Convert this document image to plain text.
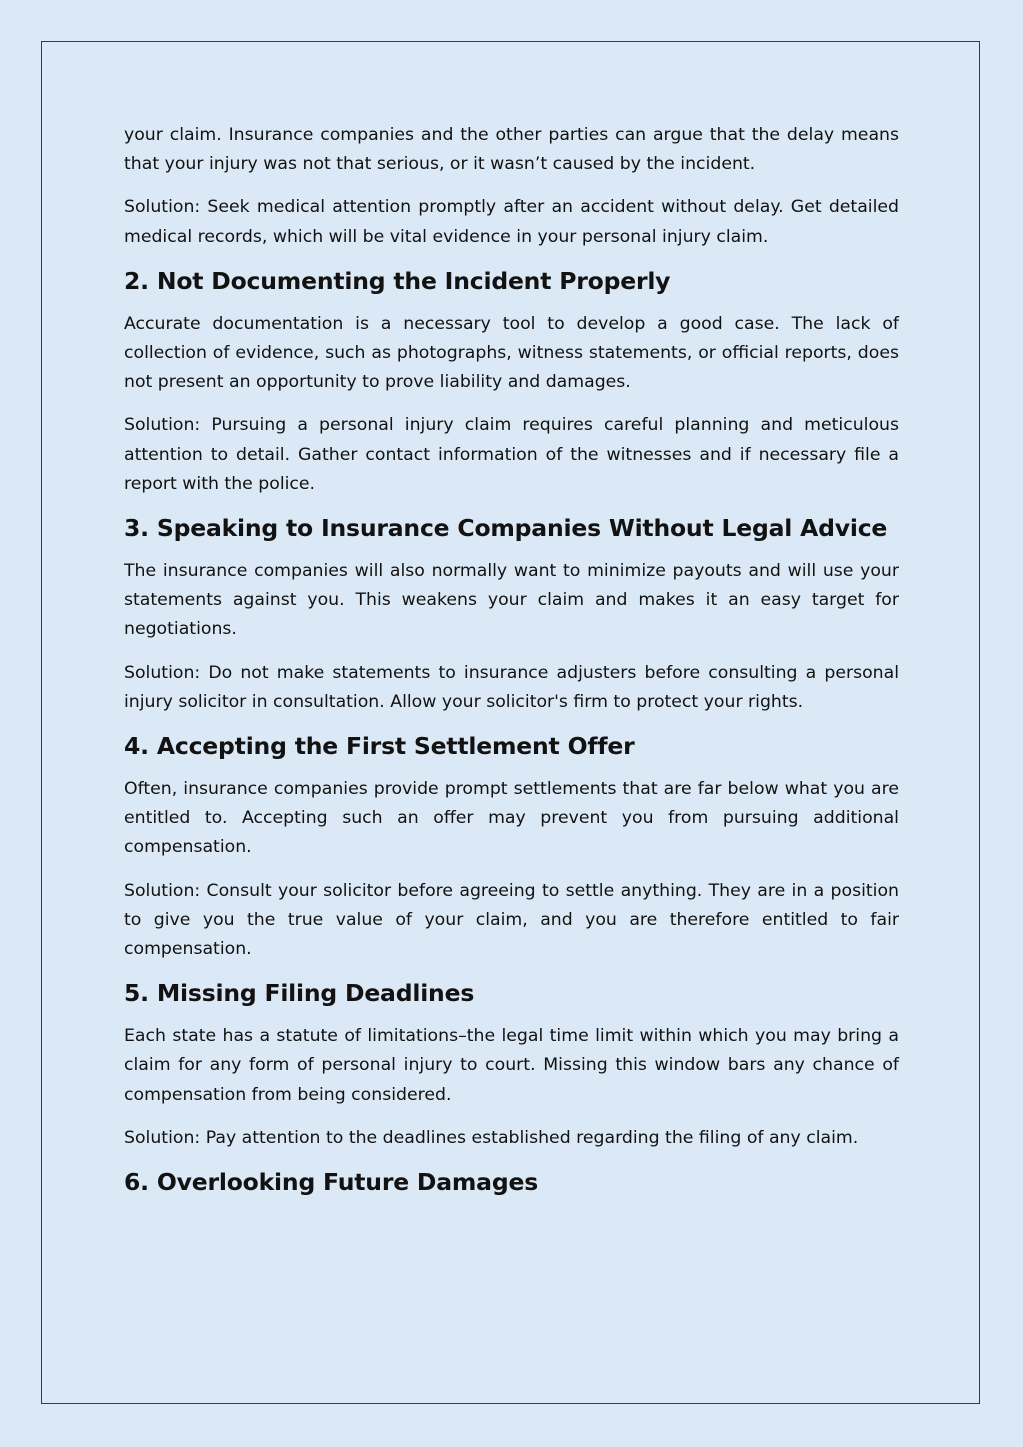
your claim. Insurance companies and the other parties can argue that the delay means that your injury was not that serious, or it wasn’t caused by the incident.

Solution: Seek medical attention promptly after an accident without delay. Get detailed medical records, which will be vital evidence in your personal injury claim.

2. Not Documenting the Incident Properly

Accurate documentation is a necessary tool to develop a good case. The lack of collection of evidence, such as photographs, witness statements, or official reports, does not present an opportunity to prove liability and damages.

Solution: Pursuing a personal injury claim requires careful planning and meticulous attention to detail. Gather contact information of the witnesses and if necessary file a report with the police.

3. Speaking to Insurance Companies Without Legal Advice

The insurance companies will also normally want to minimize payouts and will use your statements against you. This weakens your claim and makes it an easy target for negotiations.

Solution: Do not make statements to insurance adjusters before consulting a personal injury solicitor in consultation. Allow your solicitor's firm to protect your rights.

4. Accepting the First Settlement Offer

Often, insurance companies provide prompt settlements that are far below what you are entitled to. Accepting such an offer may prevent you from pursuing additional compensation.

Solution: Consult your solicitor before agreeing to settle anything. They are in a position to give you the true value of your claim, and you are therefore entitled to fair compensation.

5. Missing Filing Deadlines

Each state has a statute of limitations–the legal time limit within which you may bring a claim for any form of personal injury to court. Missing this window bars any chance of compensation from being considered.

Solution: Pay attention to the deadlines established regarding the filing of any claim.

6. Overlooking Future Damages
